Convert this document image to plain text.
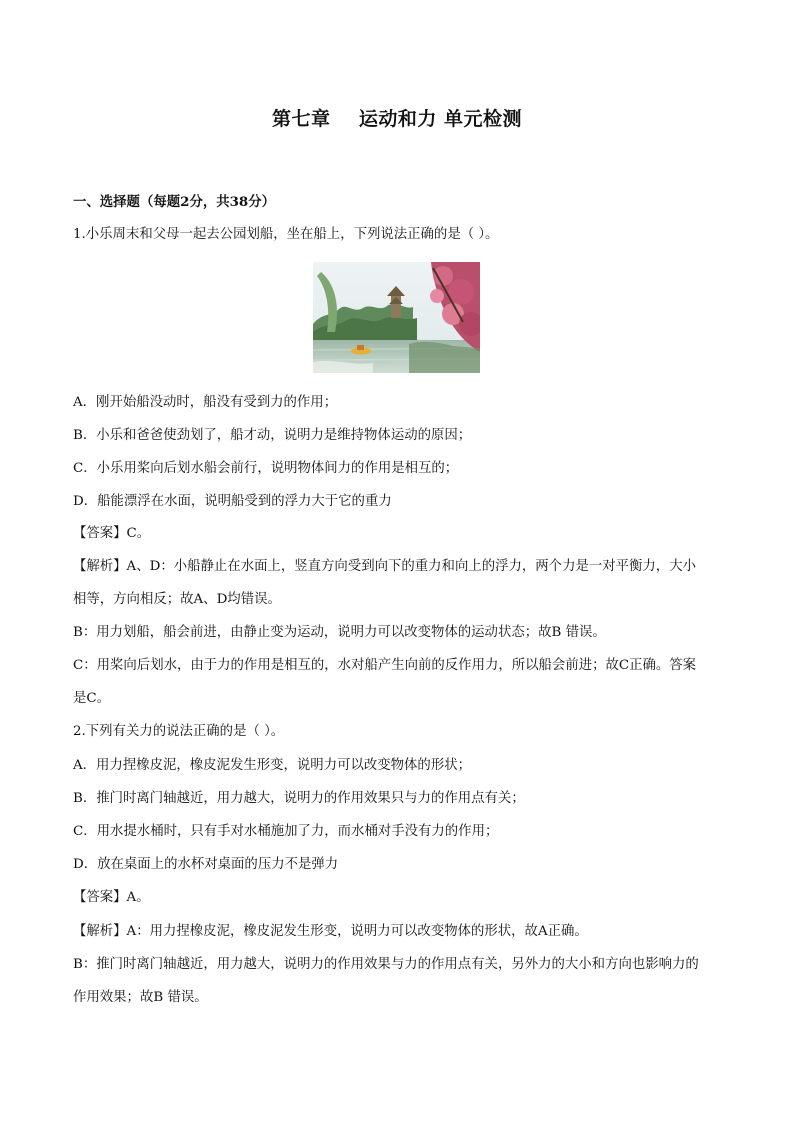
第七章    运动和力 单元检测
一、选择题（每题2分，共38分）
1.小乐周末和父母一起去公园划船，坐在船上，下列说法正确的是（ ）。
A．刚开始船没动时，船没有受到力的作用；
B．小乐和爸爸使劲划了，船才动，说明力是维持物体运动的原因；
C．小乐用桨向后划水船会前行，说明物体间力的作用是相互的；
D．船能漂浮在水面，说明船受到的浮力大于它的重力
【答案】C。
【解析】A、D：小船静止在水面上，竖直方向受到向下的重力和向上的浮力，两个力是一对平衡力，大小
相等，方向相反；故A、D均错误。
B：用力划船，船会前进，由静止变为运动，说明力可以改变物体的运动状态；故B 错误。
C：用桨向后划水，由于力的作用是相互的，水对船产生向前的反作用力，所以船会前进；故C正确。答案
是C。
2.下列有关力的说法正确的是（ ）。
A．用力捏橡皮泥，橡皮泥发生形变，说明力可以改变物体的形状；
B．推门时离门轴越近，用力越大，说明力的作用效果只与力的作用点有关；
C．用水提水桶时，只有手对水桶施加了力，而水桶对手没有力的作用；
D．放在桌面上的水杯对桌面的压力不是弹力
【答案】A。
【解析】A：用力捏橡皮泥，橡皮泥发生形变，说明力可以改变物体的形状，故A正确。
B：推门时离门轴越近，用力越大，说明力的作用效果与力的作用点有关，另外力的大小和方向也影响力的
作用效果；故B 错误。
